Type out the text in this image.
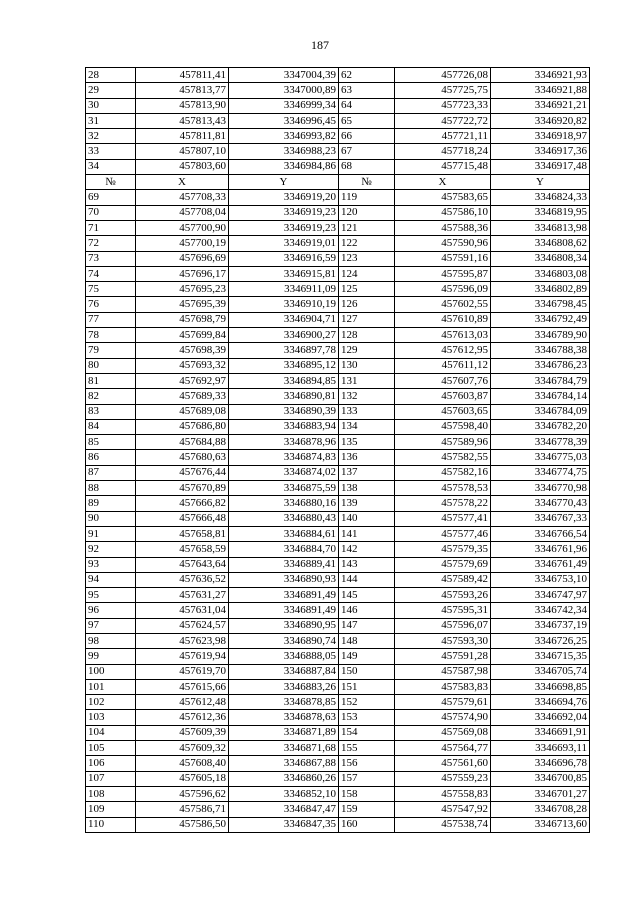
187
28	457811,41	3347004,39	62	457726,08	3346921,93
29	457813,77	3347000,89	63	457725,75	3346921,88
30	457813,90	3346999,34	64	457723,33	3346921,21
31	457813,43	3346996,45	65	457722,72	3346920,82
32	457811,81	3346993,82	66	457721,11	3346918,97
33	457807,10	3346988,23	67	457718,24	3346917,36
34	457803,60	3346984,86	68	457715,48	3346917,48
№	X	Y	№	X	Y
69	457708,33	3346919,20	119	457583,65	3346824,33
70	457708,04	3346919,23	120	457586,10	3346819,95
71	457700,90	3346919,23	121	457588,36	3346813,98
72	457700,19	3346919,01	122	457590,96	3346808,62
73	457696,69	3346916,59	123	457591,16	3346808,34
74	457696,17	3346915,81	124	457595,87	3346803,08
75	457695,23	3346911,09	125	457596,09	3346802,89
76	457695,39	3346910,19	126	457602,55	3346798,45
77	457698,79	3346904,71	127	457610,89	3346792,49
78	457699,84	3346900,27	128	457613,03	3346789,90
79	457698,39	3346897,78	129	457612,95	3346788,38
80	457693,32	3346895,12	130	457611,12	3346786,23
81	457692,97	3346894,85	131	457607,76	3346784,79
82	457689,33	3346890,81	132	457603,87	3346784,14
83	457689,08	3346890,39	133	457603,65	3346784,09
84	457686,80	3346883,94	134	457598,40	3346782,20
85	457684,88	3346878,96	135	457589,96	3346778,39
86	457680,63	3346874,83	136	457582,55	3346775,03
87	457676,44	3346874,02	137	457582,16	3346774,75
88	457670,89	3346875,59	138	457578,53	3346770,98
89	457666,82	3346880,16	139	457578,22	3346770,43
90	457666,48	3346880,43	140	457577,41	3346767,33
91	457658,81	3346884,61	141	457577,46	3346766,54
92	457658,59	3346884,70	142	457579,35	3346761,96
93	457643,64	3346889,41	143	457579,69	3346761,49
94	457636,52	3346890,93	144	457589,42	3346753,10
95	457631,27	3346891,49	145	457593,26	3346747,97
96	457631,04	3346891,49	146	457595,31	3346742,34
97	457624,57	3346890,95	147	457596,07	3346737,19
98	457623,98	3346890,74	148	457593,30	3346726,25
99	457619,94	3346888,05	149	457591,28	3346715,35
100	457619,70	3346887,84	150	457587,98	3346705,74
101	457615,66	3346883,26	151	457583,83	3346698,85
102	457612,48	3346878,85	152	457579,61	3346694,76
103	457612,36	3346878,63	153	457574,90	3346692,04
104	457609,39	3346871,89	154	457569,08	3346691,91
105	457609,32	3346871,68	155	457564,77	3346693,11
106	457608,40	3346867,88	156	457561,60	3346696,78
107	457605,18	3346860,26	157	457559,23	3346700,85
108	457596,62	3346852,10	158	457558,83	3346701,27
109	457586,71	3346847,47	159	457547,92	3346708,28
110	457586,50	3346847,35	160	457538,74	3346713,60
